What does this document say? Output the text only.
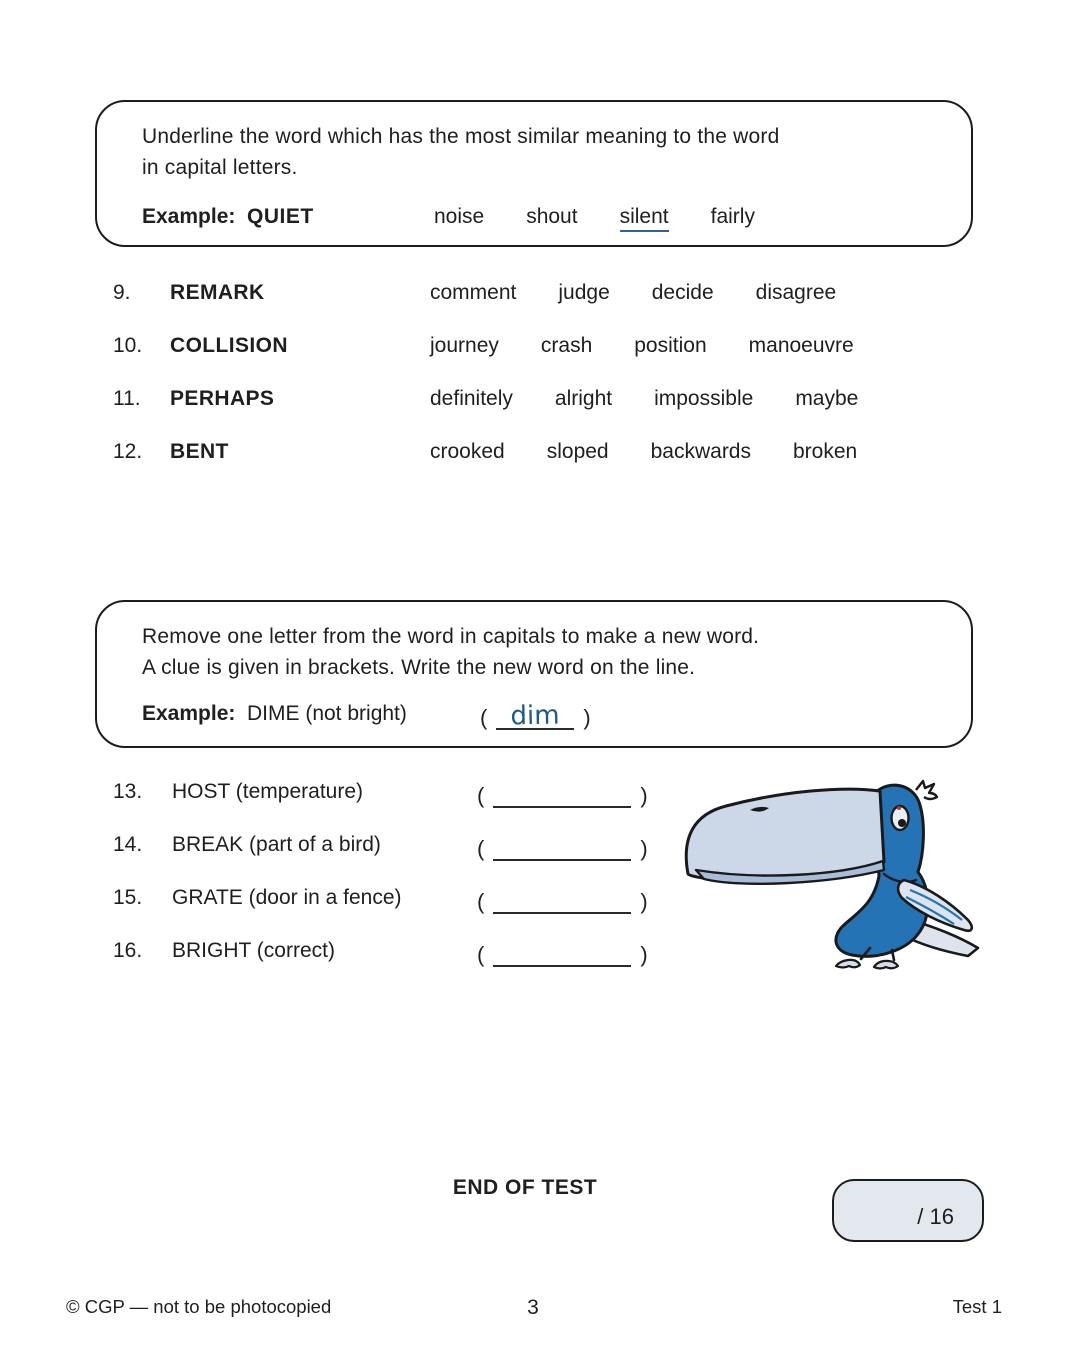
Underline the word which has the most similar meaning to the word
in capital letters.
Example: QUIET	noise shout silent fairly
9. REMARK	comment judge decide disagree
10. COLLISION	journey crash position manoeuvre
11. PERHAPS	definitely alright impossible maybe
12. BENT	crooked sloped backwards broken
Remove one letter from the word in capitals to make a new word.
A clue is given in brackets. Write the new word on the line.
Example: DIME (not bright)	( dim	)
13. HOST (temperature)	(	)
14. BREAK (part of a bird)	(	)
15. GRATE (door in a fence)	(	)
16. BRIGHT (correct)	(	)
END OF TEST
/ 16
© CGP — not to be photocopied	3	Test 1
